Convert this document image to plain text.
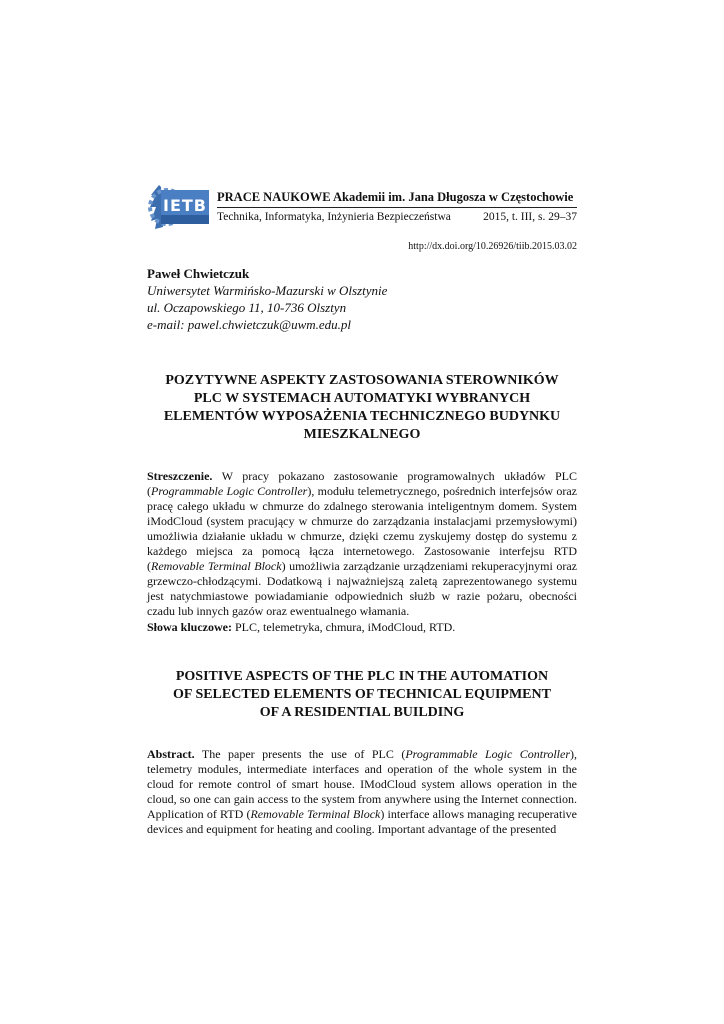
IETB PRACE NAUKOWE Akademii im. Jana Długosza w Częstochowie
Technika, Informatyka, Inżynieria Bezpieczeństwa	2015, t. III, s. 29–37
http://dx.doi.org/10.26926/tiib.2015.03.02
Paweł Chwietczuk
Uniwersytet Warmińsko-Mazurski w Olsztynie
ul. Oczapowskiego 11, 10-736 Olsztyn
e-mail: pawel.chwietczuk@uwm.edu.pl
POZYTYWNE ASPEKTY ZASTOSOWANIA STEROWNIKÓW
PLC W SYSTEMACH AUTOMATYKI WYBRANYCH
ELEMENTÓW WYPOSAŻENIA TECHNICZNEGO BUDYNKU
MIESZKALNEGO
Streszczenie. W pracy pokazano zastosowanie programowalnych układów PLC (Programmable Logic Controller), modułu telemetrycznego, pośrednich interfejsów oraz pracę całego układu w chmurze do zdalnego sterowania inteligentnym domem. System iModCloud (system pracujący w chmurze do zarządzania instalacjami przemysłowymi) umożliwia działanie układu w chmurze, dzięki czemu zyskujemy dostęp do systemu z każdego miejsca za pomocą łącza internetowego. Zastosowanie interfejsu RTD (Removable Terminal Block) umożliwia zarządzanie urządzeniami rekuperacyjnymi oraz grzewczo-chłodzącymi. Dodatkową i najważniejszą zaletą zaprezentowanego systemu jest natychmiastowe powiadamianie odpowiednich służb w razie pożaru, obecności czadu lub innych gazów oraz ewentualnego włamania.
Słowa kluczowe: PLC, telemetryka, chmura, iModCloud, RTD.
POSITIVE ASPECTS OF THE PLC IN THE AUTOMATION
OF SELECTED ELEMENTS OF TECHNICAL EQUIPMENT
OF A RESIDENTIAL BUILDING
Abstract. The paper presents the use of PLC (Programmable Logic Controller), telemetry modules, intermediate interfaces and operation of the whole system in the cloud for remote control of smart house. IModCloud system allows operation in the cloud, so one can gain access to the system from anywhere using the Internet connection. Application of RTD (Removable Terminal Block) interface allows managing recuperative devices and equipment for heating and cooling. Important advantage of the presented
